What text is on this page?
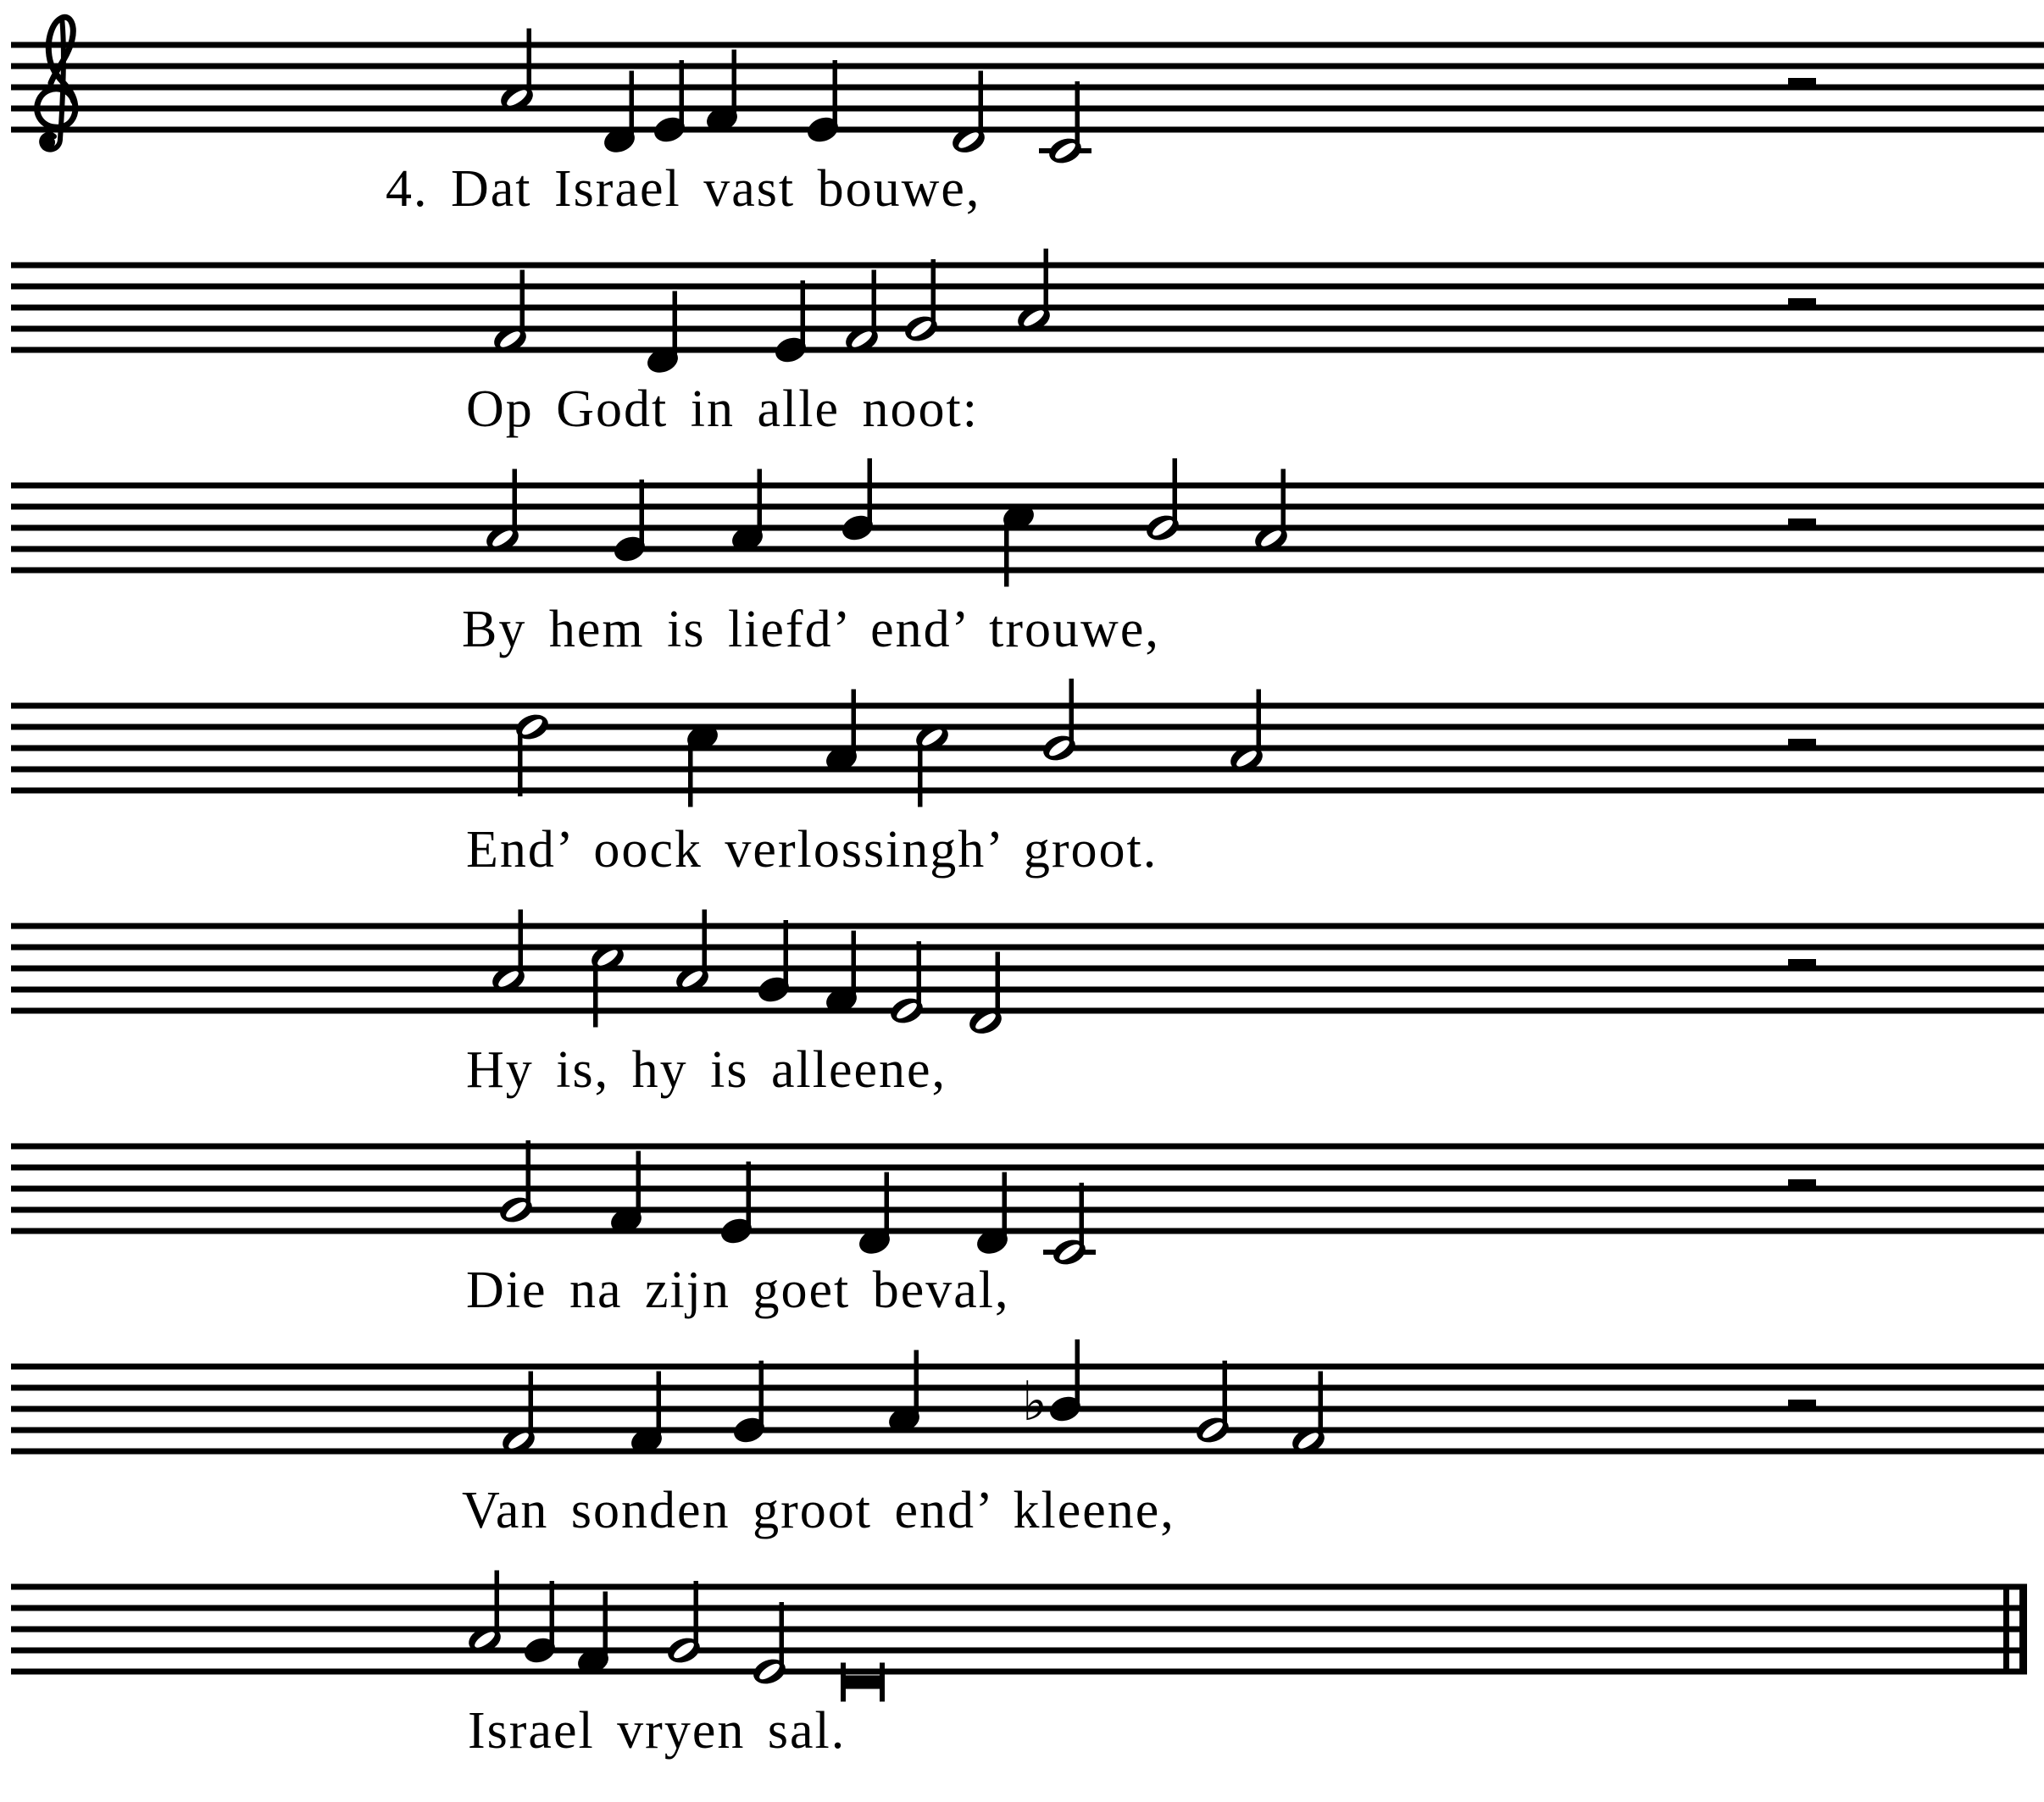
4. Dat Israel vast bouwe,
Op Godt in alle noot:
By hem is liefd’ end’ trouwe,
End’ oock verlossingh’ groot.
Hy is, hy is alleene,
Die na zijn goet beval,
♭
Van sonden groot end’ kleene,
Israel vryen sal.
